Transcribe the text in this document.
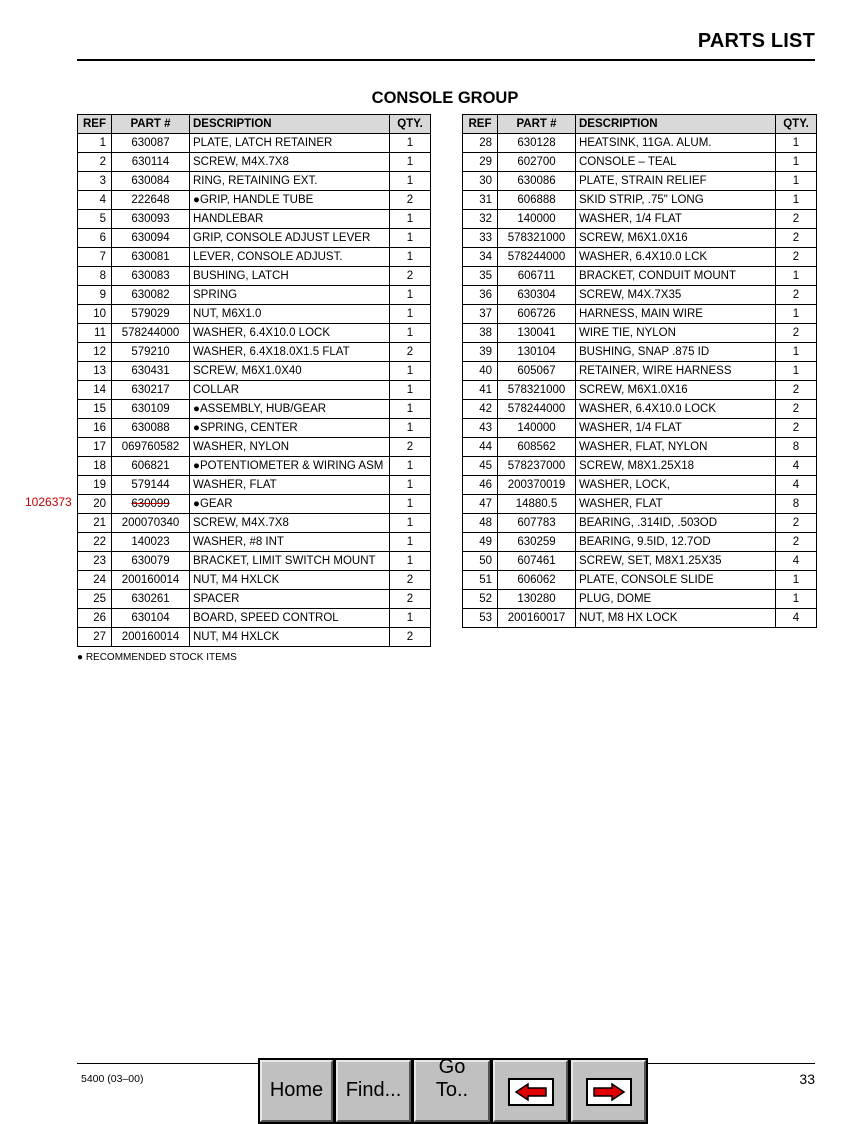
PARTS LIST
CONSOLE GROUP
REF	PART #	DESCRIPTION	QTY.
1	630087	PLATE, LATCH RETAINER	1
2	630114	SCREW, M4X.7X8	1
3	630084	RING, RETAINING EXT.	1
4	222648	●GRIP, HANDLE TUBE	2
5	630093	HANDLEBAR	1
6	630094	GRIP, CONSOLE ADJUST LEVER	1
7	630081	LEVER, CONSOLE ADJUST.	1
8	630083	BUSHING, LATCH	2
9	630082	SPRING	1
10	579029	NUT, M6X1.0	1
11	578244000	WASHER, 6.4X10.0 LOCK	1
12	579210	WASHER, 6.4X18.0X1.5 FLAT	2
13	630431	SCREW, M6X1.0X40	1
14	630217	COLLAR	1
15	630109	●ASSEMBLY, HUB/GEAR	1
16	630088	●SPRING, CENTER	1
17	069760582	WASHER, NYLON	2
18	606821	●POTENTIOMETER & WIRING ASM	1
19	579144	WASHER, FLAT	1
20	630099	●GEAR	1
21	200070340	SCREW, M4X.7X8	1
22	140023	WASHER, #8 INT	1
23	630079	BRACKET, LIMIT SWITCH MOUNT	1
24	200160014	NUT, M4 HXLCK	2
25	630261	SPACER	2
26	630104	BOARD, SPEED CONTROL	1
27	200160014	NUT, M4 HXLCK	2
REF	PART #	DESCRIPTION	QTY.
28	630128	HEATSINK, 11GA. ALUM.	1
29	602700	CONSOLE – TEAL	1
30	630086	PLATE, STRAIN RELIEF	1
31	606888	SKID STRIP, .75" LONG	1
32	140000	WASHER, 1/4 FLAT	2
33	578321000	SCREW, M6X1.0X16	2
34	578244000	WASHER, 6.4X10.0 LCK	2
35	606711	BRACKET, CONDUIT MOUNT	1
36	630304	SCREW, M4X.7X35	2
37	606726	HARNESS, MAIN WIRE	1
38	130041	WIRE TIE, NYLON	2
39	130104	BUSHING, SNAP .875 ID	1
40	605067	RETAINER, WIRE HARNESS	1
41	578321000	SCREW, M6X1.0X16	2
42	578244000	WASHER, 6.4X10.0 LOCK	2
43	140000	WASHER, 1/4 FLAT	2
44	608562	WASHER, FLAT, NYLON	8
45	578237000	SCREW, M8X1.25X18	4
46	200370019	WASHER, LOCK,	4
47	14880.5	WASHER, FLAT	8
48	607783	BEARING, .314ID, .503OD	2
49	630259	BEARING, 9.5ID, 12.7OD	2
50	607461	SCREW, SET, M8X1.25X35	4
51	606062	PLATE, CONSOLE SLIDE	1
52	130280	PLUG, DOME	1
53	200160017	NUT, M8 HX LOCK	4
1026373
● RECOMMENDED STOCK ITEMS
5400 (03–00)	33
Home	Find...
Go To..
